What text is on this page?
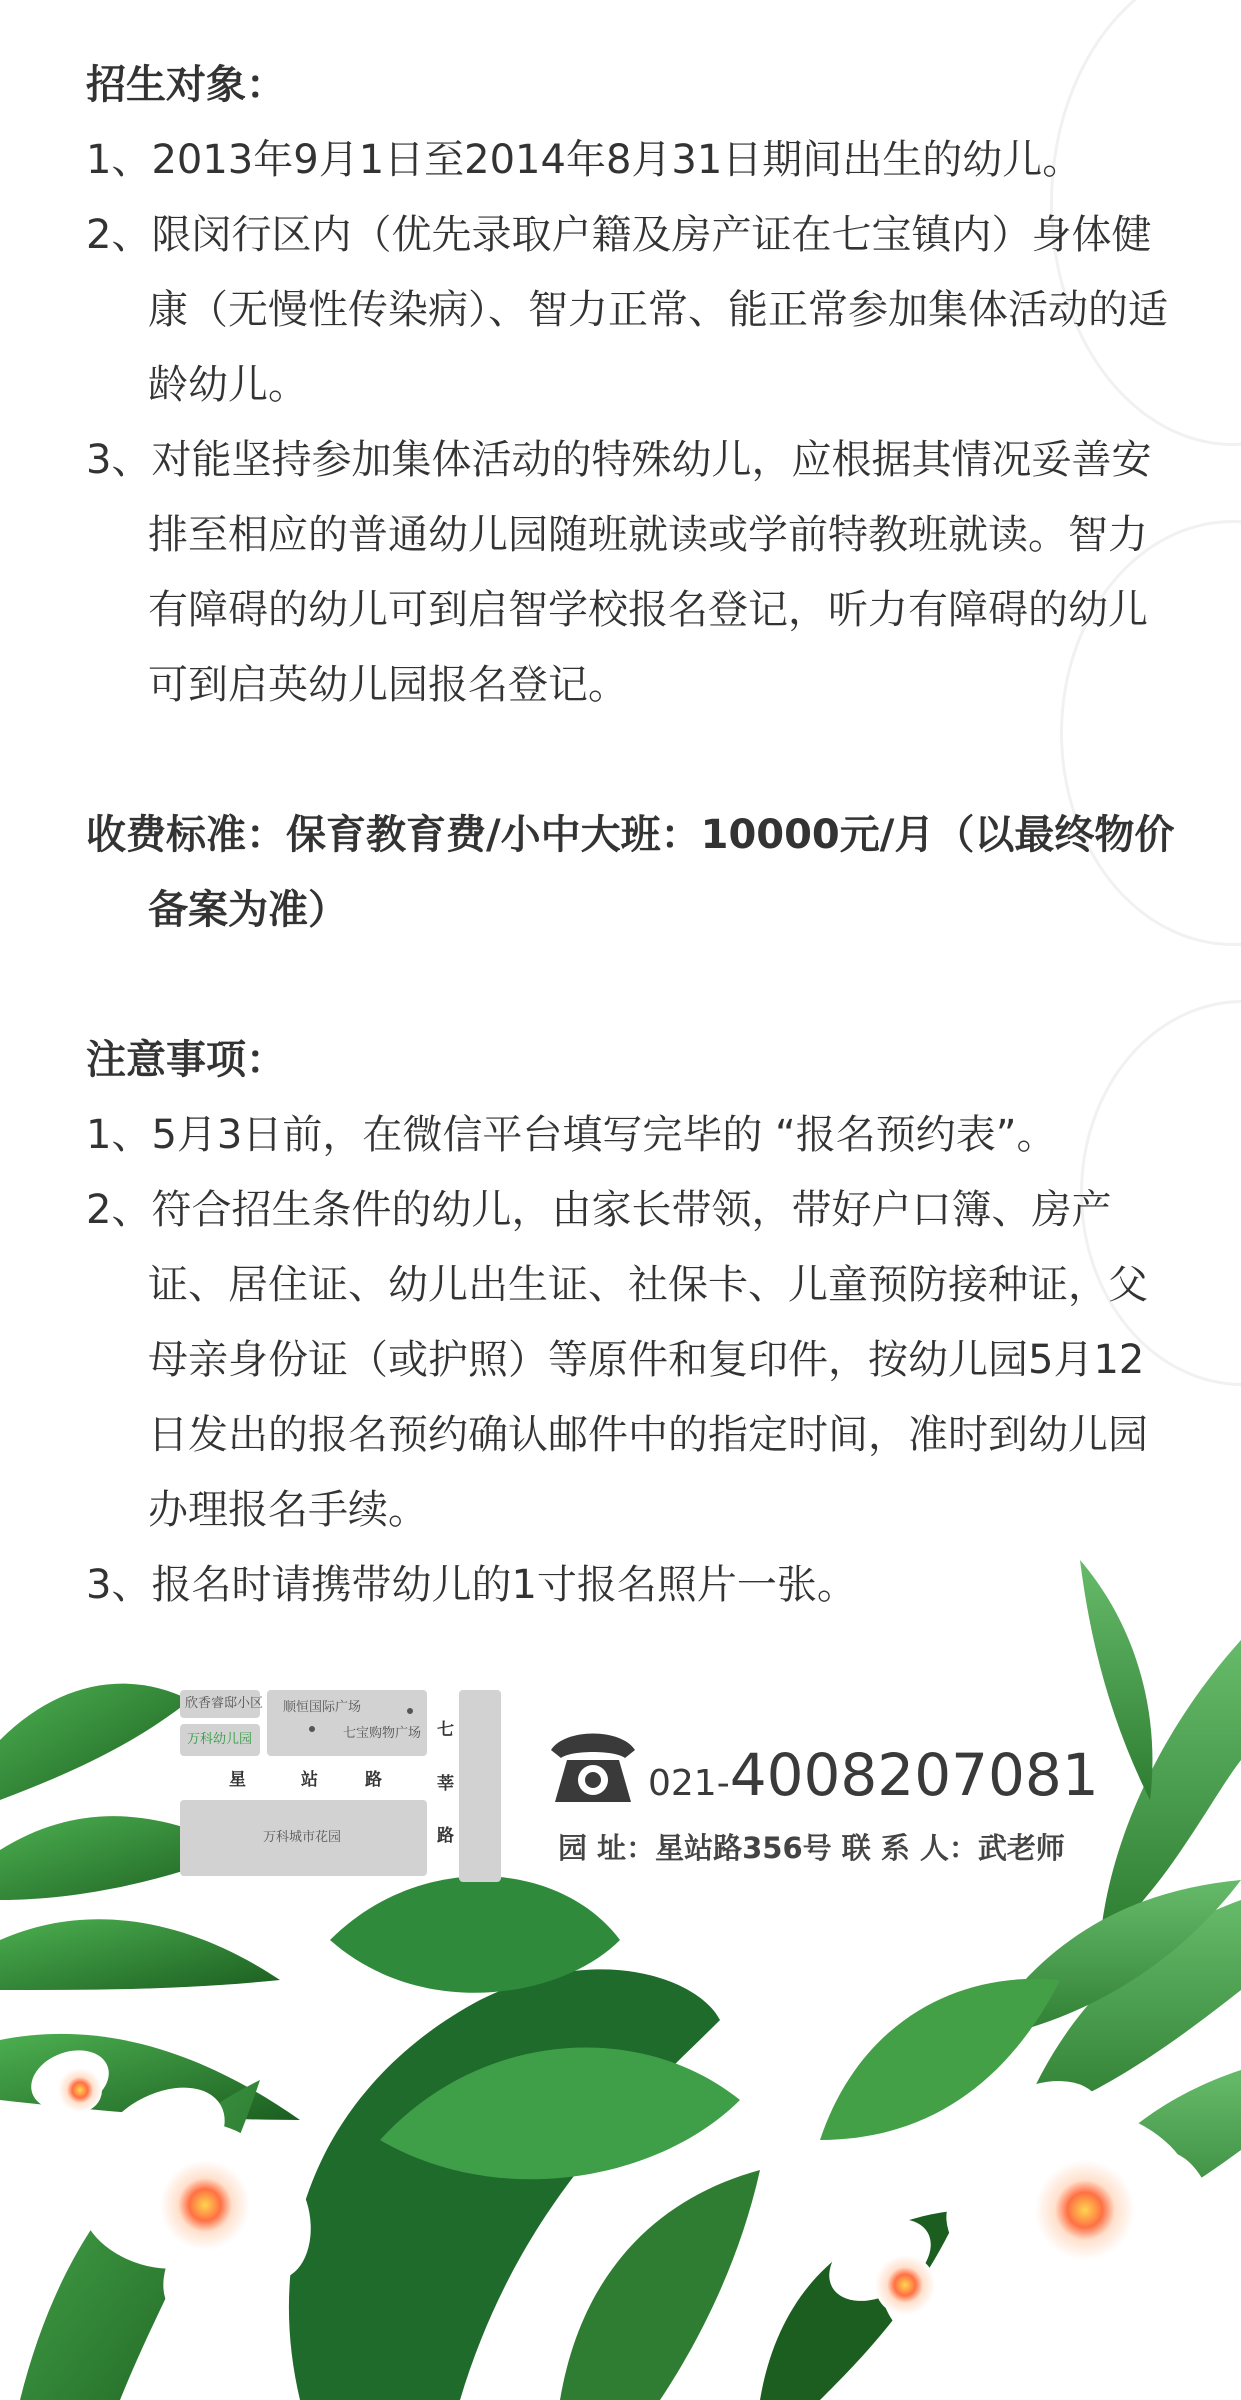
招生对象：

1、2013年9月1日至2014年8月31日期间出生的幼儿。

2、限闵行区内（优先录取户籍及房产证在七宝镇内）身体健康（无慢性传染病）、智力正常、能正常参加集体活动的适龄幼儿。

3、对能坚持参加集体活动的特殊幼儿，应根据其情况妥善安排至相应的普通幼儿园随班就读或学前特教班就读。智力有障碍的幼儿可到启智学校报名登记，听力有障碍的幼儿可到启英幼儿园报名登记。

收费标准：保育教育费/小中大班：10000元/月（以最终物价备案为准）

注意事项：

1、5月3日前，在微信平台填写完毕的 “报名预约表”。

2、符合招生条件的幼儿，由家长带领，带好户口簿、房产证、居住证、幼儿出生证、社保卡、儿童预防接种证，父母亲身份证（或护照）等原件和复印件，按幼儿园5月12日发出的报名预约确认邮件中的指定时间，准时到幼儿园办理报名手续。

3、报名时请携带幼儿的1寸报名照片一张。

欣香睿邸小区
万科幼儿园
顺恒国际广场
七宝购物广场
星	站	路
万科城市花园
七
莘
路
021-4008207081
园 址：星站路356号 联 系 人：武老师
